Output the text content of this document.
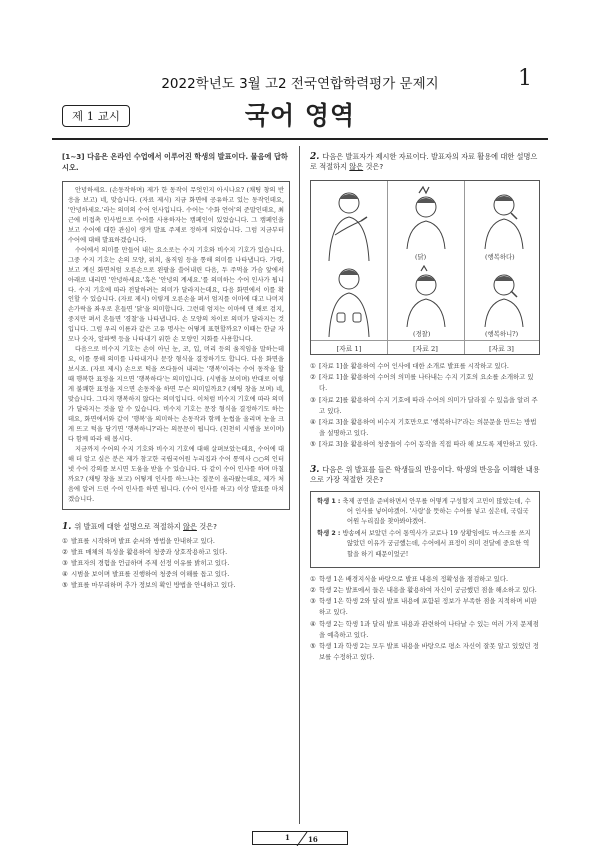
2022학년도 3월 고2 전국연합학력평가 문제지	1
제 1 교시	국어 영역
[1~3] 다음은 온라인 수업에서 이루어진 학생의 발표이다. 물음에 답하시오.

안녕하세요. (손동작하며) 제가 한 동작이 무엇인지 아시나요? (채팅 창의 반응을 보고) 네, 맞습니다. (자료 제시) 지금 화면에 공유하고 있는 동작인데요, '안녕하세요.'라는 의미의 수어 인사입니다. 수어는 '수화 언어'의 준말인데요, 최근에 비접촉 인사법으로 수어를 사용하자는 캠페인이 있었습니다. 그 캠페인을 보고 수어에 대한 관심이 생겨 발표 주제로 정하게 되었습니다. 그럼 지금부터 수어에 대해 발표하겠습니다.

수어에서 의미를 만들어 내는 요소로는 수지 기호와 비수지 기호가 있습니다. 그중 수지 기호는 손의 모양, 위치, 움직임 등을 통해 의미를 나타냅니다. 가령, 보고 계신 화면처럼 오른손으로 왼팔을 쓸어내린 다음, 두 주먹을 가슴 앞에서 아래로 내리면 '안녕하세요.'혹은 '안녕의 계세요.'를 의미하는 수어 인사가 됩니다. 수지 기호에 따라 전달하려는 의미가 달라지는데요, 다음 화면에서 이를 확인할 수 있습니다. (자료 제시) 이렇게 오른손을 펴서 엄지를 이마에 대고 나머지 손가락을 좌우로 흔들면 '닭'을 의미합니다. 그런데 엄지는 이마에 댄 채로 검지, 중지만 펴서 흔들면 '경찰'을 나타냅니다. 손 모양의 차이로 의미가 달라지는 것입니다. 그럼 우리 이름과 같은 고유 명사는 어떻게 표현할까요? 이때는 한글 자모나 숫자, 알파벳 등을 나타내기 위한 손 모양인 지화를 사용합니다.

다음으로 비수지 기호는 손이 아닌 눈, 코, 입, 머리 등의 움직임을 말하는데요, 이를 통해 의미를 나타내거나 문장 형식을 결정하기도 합니다. 다음 화면을 보시죠. (자료 제시) 손으로 턱을 쓰다듬어 내리는 '행복'이라는 수어 동작을 할 때 행복한 표정을 지으면 '행복하다'는 의미입니다. (시범을 보이며) 반대로 이렇게 불쾌한 표정을 지으면 손동작을 하면 무슨 의미일까요? (채팅 창을 보며) 네, 맞습니다. 그다지 행복하지 않다는 의미입니다. 이처럼 비수지 기호에 따라 의미가 달라지는 것을 알 수 있습니다. 비수지 기호는 문장 형식을 결정하기도 하는데요, 화면에서와 같이 '행복'을 의미하는 손동작과 함께 눈썹을 올리며 눈을 크게 뜨고 턱을 당기면 '행복하니?'라는 의문문이 됩니다. (친천히 시범을 보이며) 다 함께 따라 해 봅시다.

지금까지 수어의 수지 기호와 비수지 기호에 대해 살펴보았는데요, 수어에 대해 더 알고 싶은 분은 제가 참고한 국립국어원 누리집과 수어 통역사 ○○의 인터넷 수어 강의를 보시면 도움을 받을 수 있습니다. 다 같이 수어 인사를 하며 마칠까요? (채팅 창을 보고) 어떻게 인사를 하느냐는 질문이 올라왔는데요, 제가 처음에 알려 드린 수어 인사를 하면 됩니다. (수어 인사를 하고) 이상 발표를 마치겠습니다.

1. 위 발표에 대한 설명으로 적절하지 않은 것은?
① 발표를 시작하며 발표 순서와 방법을 안내하고 있다.
② 발표 매체의 특성을 활용하여 청중과 상호작용하고 있다.
③ 발표자의 경험을 언급하며 주제 선정 이유를 밝히고 있다.
④ 시범을 보이며 발표를 진행하여 청중의 이해를 돕고 있다.
⑤ 발표를 마무리하며 추가 정보의 확인 방법을 안내하고 있다.
2. 다음은 발표자가 제시한 자료이다. 발표자의 자료 활용에 대한 설명으로 적절하지 않은 것은?
(닭)
(경찰)
(행복하다)
(행복하니?)
[자료 1]	[자료 2]	[자료 3]
① [자료 1]을 활용하여 수어 인사에 대한 소개로 발표를 시작하고 있다.
② [자료 1]을 활용하여 수어의 의미를 나타내는 수지 기호의 요소를 소개하고 있다.
③ [자료 2]를 활용하여 수지 기호에 따라 수어의 의미가 달라질 수 있음을 알려 주고 있다.
④ [자료 3]을 활용하여 비수지 기호만으로 '행복하니?'라는 의문문을 만드는 방법을 설명하고 있다.
⑤ [자료 3]을 활용하여 청중들이 수어 동작을 직접 따라 해 보도록 제안하고 있다.
3. 다음은 위 발표를 들은 학생들의 반응이다. 학생의 반응을 이해한 내용으로 가장 적절한 것은?
학생 1 : 축제 공연을 준비하면서 안무를 어떻게 구성할지 고민이 많았는데, 수어 인사를 넣어야겠어. '사랑'을 뜻하는 수어를 넣고 싶은데, 국립국어원 누리집을 찾아봐야겠어.
학생 2 : 방송에서 보았던 수어 통역사가 코로나 19 상황임에도 마스크를 쓰지 않았던 이유가 궁금했는데, 수어에서 표정이 의미 전달에 중요한 역할을 하기 때문이었군!
① 학생 1은 배경지식을 바탕으로 발표 내용의 정확성을 점검하고 있다.
② 학생 2는 발표에서 들은 내용을 활용하여 자신이 궁금했던 점을 해소하고 있다.
③ 학생 1은 학생 2와 달리 발표 내용에 포함된 정보가 부족한 점을 지적하며 비판하고 있다.
④ 학생 2는 학생 1과 달리 발표 내용과 관련하여 나타날 수 있는 여러 가지 문제점을 예측하고 있다.
⑤ 학생 1과 학생 2는 모두 발표 내용을 바탕으로 평소 자신이 잘못 알고 있었던 정보를 수정하고 있다.
1	16
